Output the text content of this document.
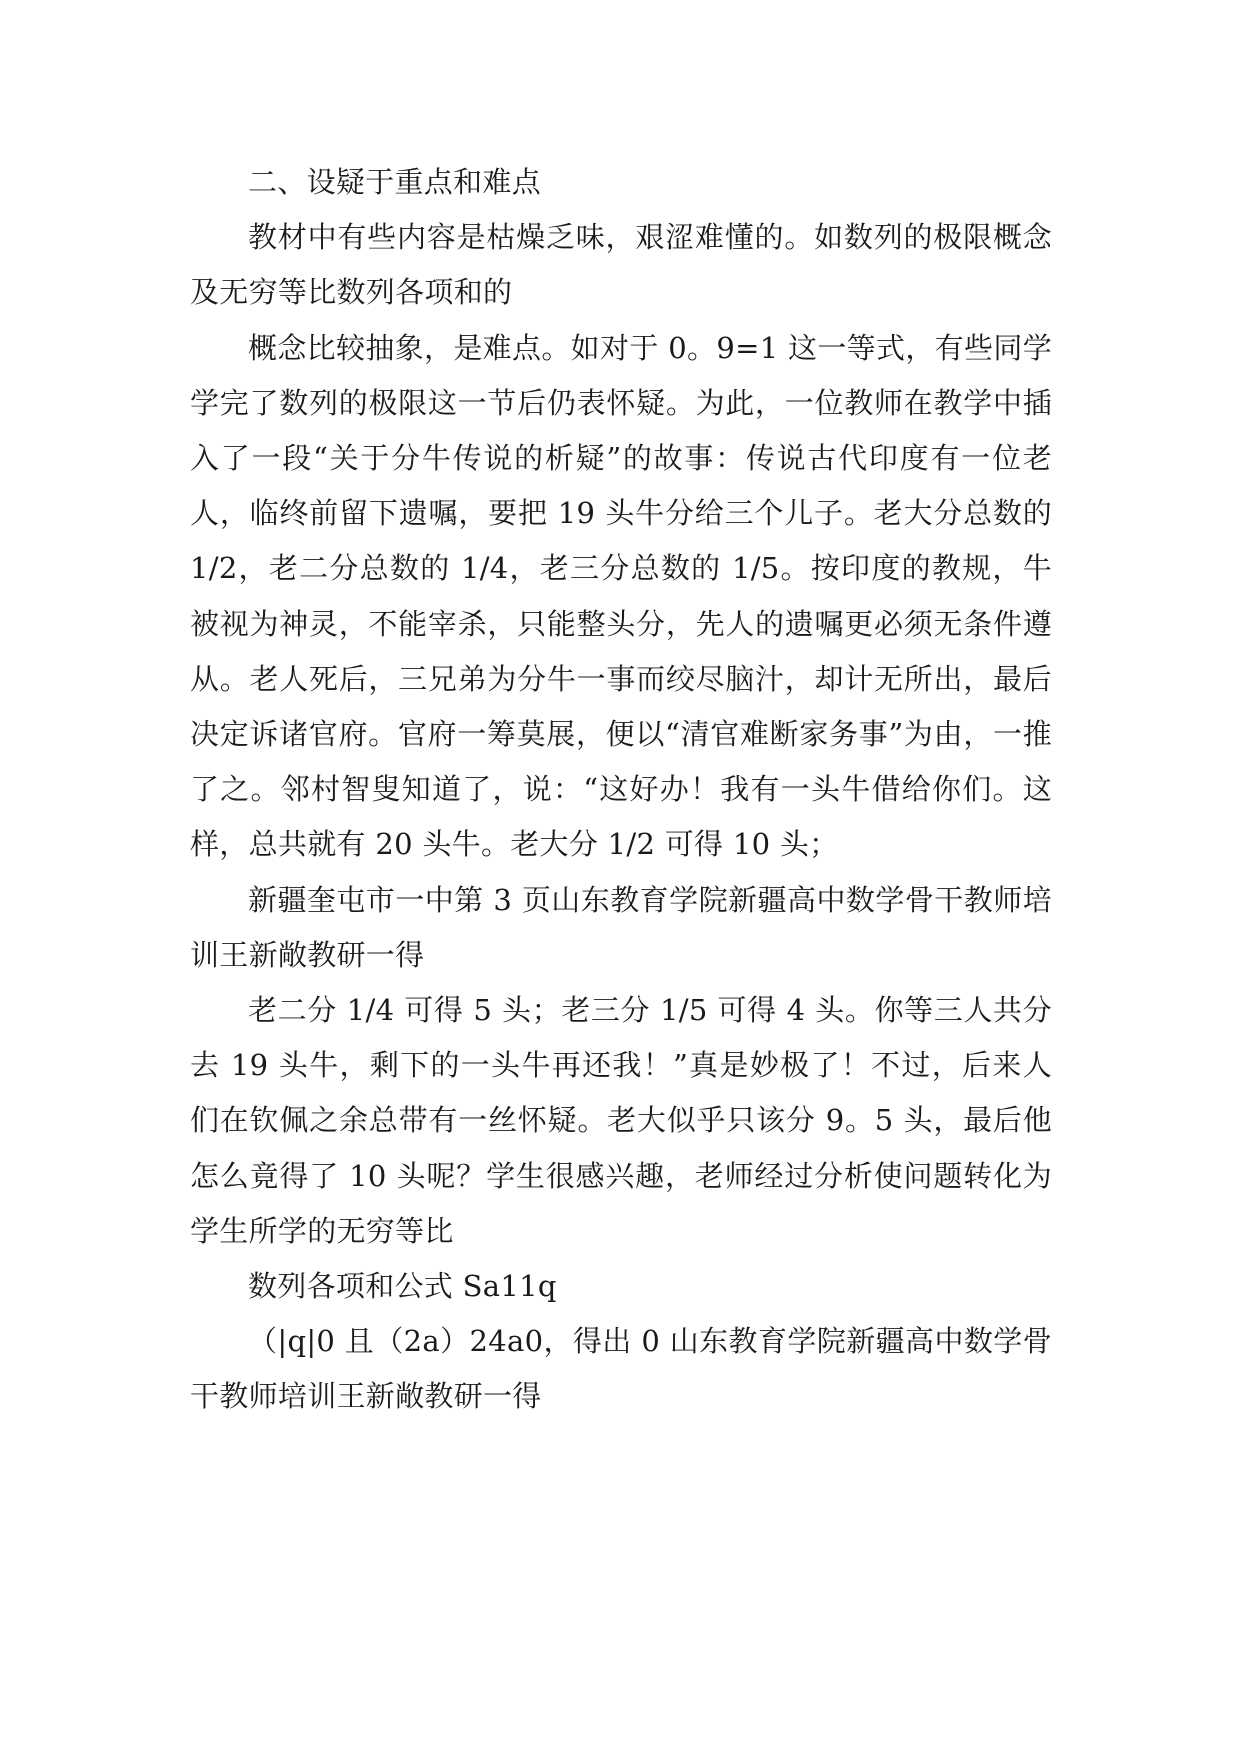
二、设疑于重点和难点

教材中有些内容是枯燥乏味，艰涩难懂的。如数列的极限概念及无穷等比数列各项和的

概念比较抽象，是难点。如对于 0。9=1 这一等式，有些同学学完了数列的极限这一节后仍表怀疑。为此，一位教师在教学中插入了一段“关于分牛传说的析疑”的故事：传说古代印度有一位老人，临终前留下遗嘱，要把 19 头牛分给三个儿子。老大分总数的 1/2，老二分总数的 1/4，老三分总数的 1/5。按印度的教规，牛被视为神灵，不能宰杀，只能整头分，先人的遗嘱更必须无条件遵从。老人死后，三兄弟为分牛一事而绞尽脑汁，却计无所出，最后决定诉诸官府。官府一筹莫展，便以“清官难断家务事”为由，一推了之。邻村智叟知道了，说：“这好办！我有一头牛借给你们。这样，总共就有 20 头牛。老大分 1/2 可得 10 头；

新疆奎屯市一中第 3 页山东教育学院新疆高中数学骨干教师培训王新敞教研一得

老二分 1/4 可得 5 头；老三分 1/5 可得 4 头。你等三人共分去 19 头牛，剩下的一头牛再还我！”真是妙极了！不过，后来人们在钦佩之余总带有一丝怀疑。老大似乎只该分 9。5 头，最后他怎么竟得了 10 头呢？学生很感兴趣，老师经过分析使问题转化为学生所学的无穷等比

数列各项和公式 Sa11q

（|q|0 且（2a）24a0，得出 0 山东教育学院新疆高中数学骨干教师培训王新敞教研一得
